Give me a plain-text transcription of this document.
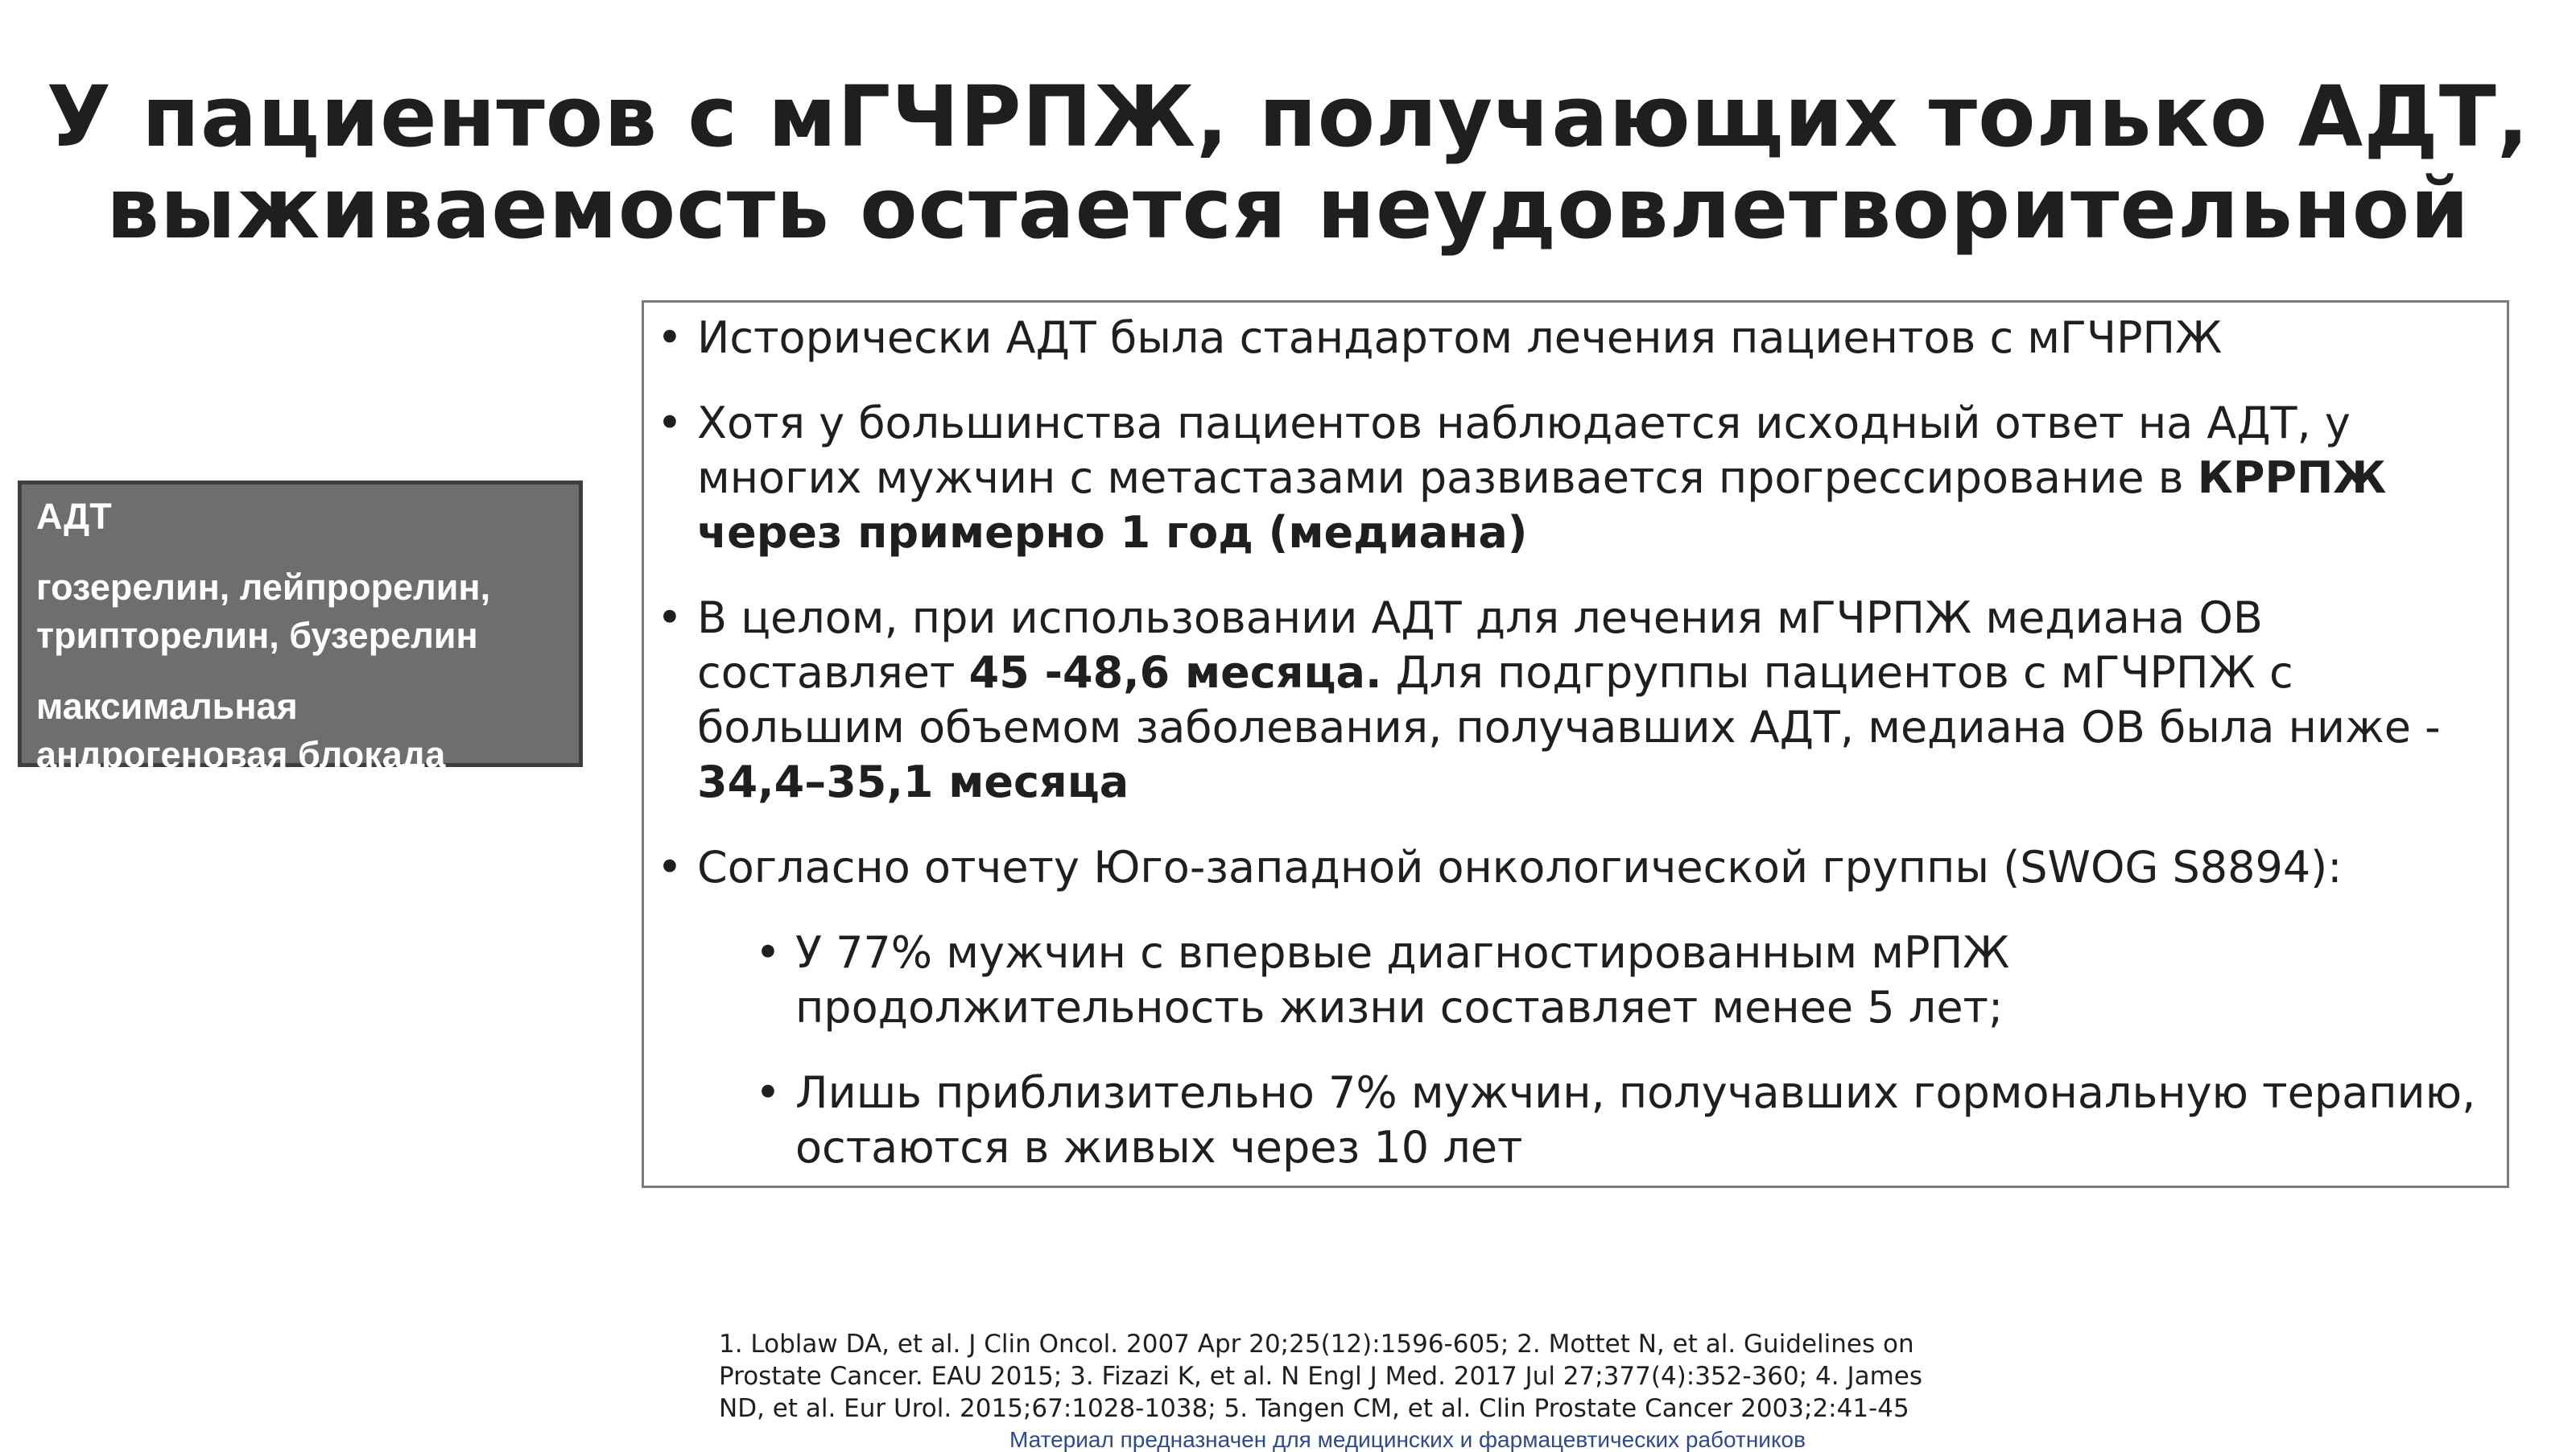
У пациентов с мГЧРПЖ, получающих только АДТ,
выживаемость остается неудовлетворительной
АДТ
гозерелин, лейпрорелин,
трипторелин, бузерелин
максимальная
андрогеновая блокада
• Исторически АДТ была стандартом лечения пациентов с мГЧРПЖ
• Хотя у большинства пациентов наблюдается исходный ответ на АДТ, у многих мужчин с метастазами развивается прогрессирование в КРРПЖ через примерно 1 год (медиана)
• В целом, при использовании АДТ для лечения мГЧРПЖ медиана ОВ составляет 45 -48,6 месяца. Для подгруппы пациентов с мГЧРПЖ с большим объемом заболевания, получавших АДТ, медиана ОВ была ниже - 34,4–35,1 месяца
• Согласно отчету Юго-западной онкологической группы (SWOG S8894):
• У 77% мужчин с впервые диагностированным мРПЖ продолжительность жизни составляет менее 5 лет;
• Лишь приблизительно 7% мужчин, получавших гормональную терапию, остаются в живых через 10 лет
1. Loblaw DA, et al. J Clin Oncol. 2007 Apr 20;25(12):1596-605; 2. Mottet N, et al. Guidelines on
Prostate Cancer. EAU 2015; 3. Fizazi K, et al. N Engl J Med. 2017 Jul 27;377(4):352-360; 4. James
ND, et al. Eur Urol. 2015;67:1028-1038; 5. Tangen CM, et al. Clin Prostate Cancer 2003;2:41-45
Материал предназначен для медицинских и фармацевтических работников
